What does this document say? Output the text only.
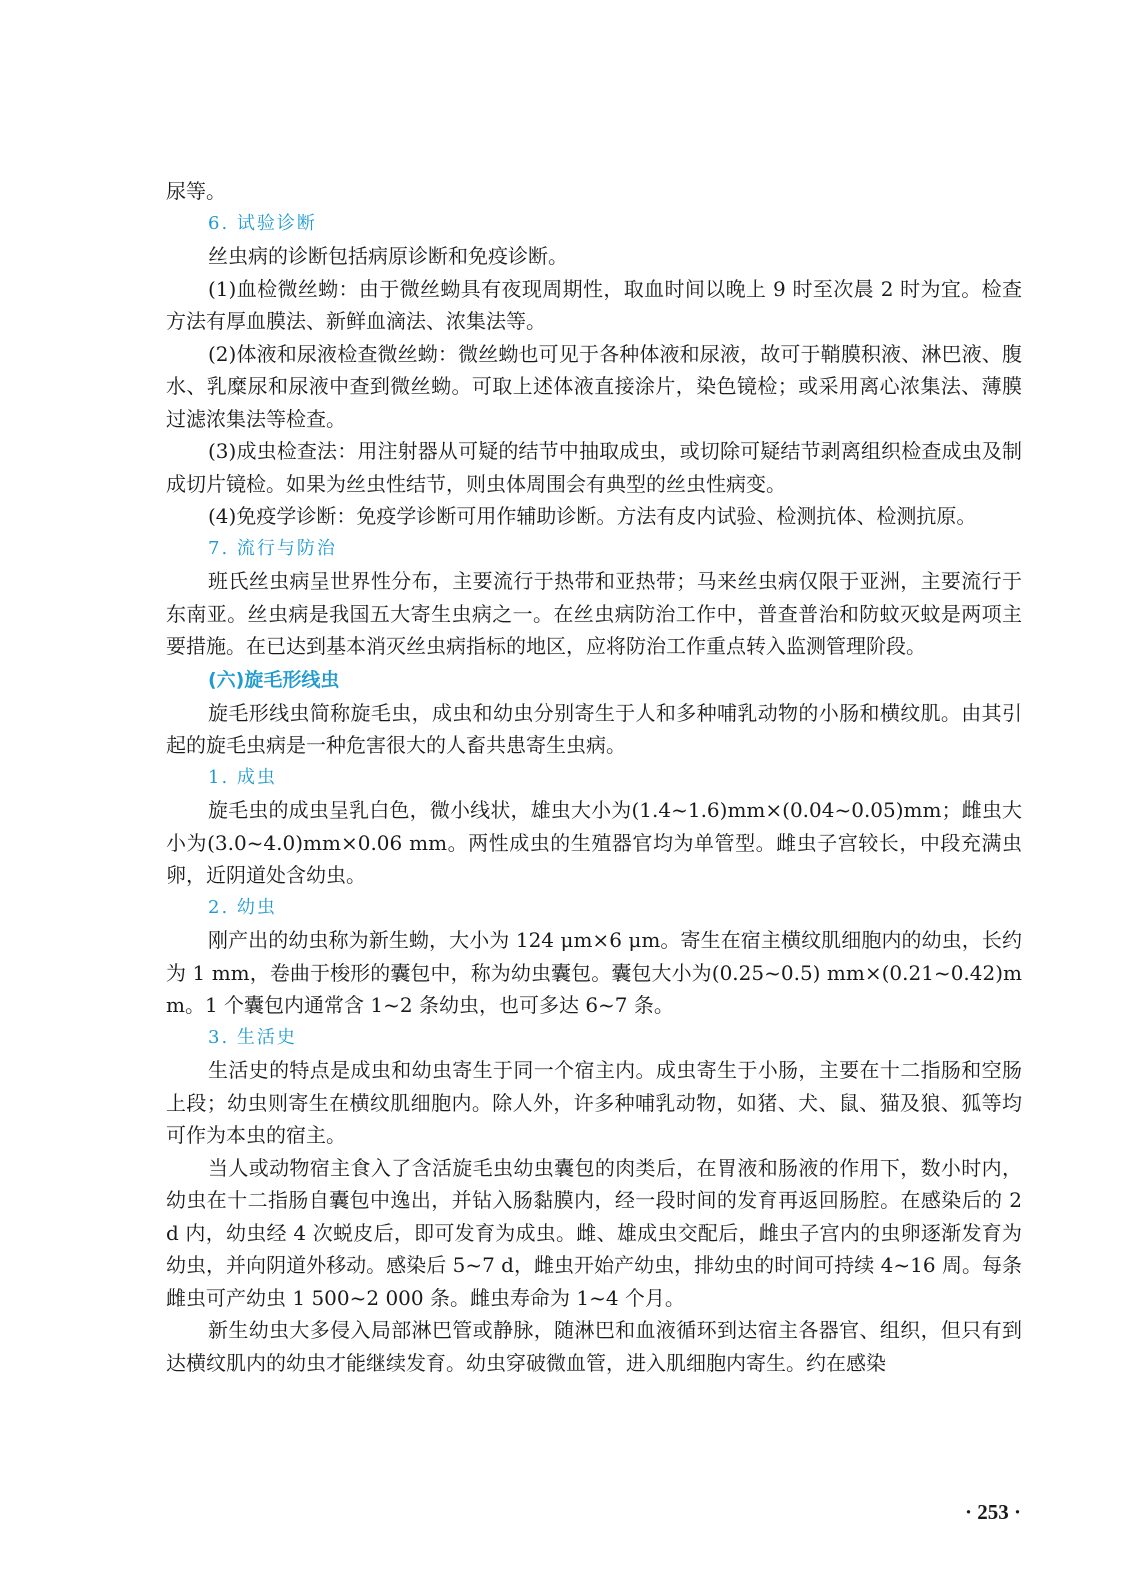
尿等。

6. 试验诊断

丝虫病的诊断包括病原诊断和免疫诊断。

(1)血检微丝蚴：由于微丝蚴具有夜现周期性，取血时间以晚上 9 时至次晨 2 时为宜。检查方法有厚血膜法、新鲜血滴法、浓集法等。

(2)体液和尿液检查微丝蚴：微丝蚴也可见于各种体液和尿液，故可于鞘膜积液、淋巴液、腹水、乳糜尿和尿液中查到微丝蚴。可取上述体液直接涂片，染色镜检；或采用离心浓集法、薄膜过滤浓集法等检查。

(3)成虫检查法：用注射器从可疑的结节中抽取成虫，或切除可疑结节剥离组织检查成虫及制成切片镜检。如果为丝虫性结节，则虫体周围会有典型的丝虫性病变。

(4)免疫学诊断：免疫学诊断可用作辅助诊断。方法有皮内试验、检测抗体、检测抗原。

7. 流行与防治

班氏丝虫病呈世界性分布，主要流行于热带和亚热带；马来丝虫病仅限于亚洲，主要流行于东南亚。丝虫病是我国五大寄生虫病之一。在丝虫病防治工作中，普查普治和防蚊灭蚊是两项主要措施。在已达到基本消灭丝虫病指标的地区，应将防治工作重点转入监测管理阶段。

(六)旋毛形线虫

旋毛形线虫简称旋毛虫，成虫和幼虫分别寄生于人和多种哺乳动物的小肠和横纹肌。由其引起的旋毛虫病是一种危害很大的人畜共患寄生虫病。

1. 成虫

旋毛虫的成虫呈乳白色，微小线状，雄虫大小为(1.4~1.6)mm×(0.04~0.05)mm；雌虫大小为(3.0~4.0)mm×0.06 mm。两性成虫的生殖器官均为单管型。雌虫子宫较长，中段充满虫卵，近阴道处含幼虫。

2. 幼虫

刚产出的幼虫称为新生蚴，大小为 124 μm×6 μm。寄生在宿主横纹肌细胞内的幼虫，长约为 1 mm，卷曲于梭形的囊包中，称为幼虫囊包。囊包大小为(0.25~0.5) mm×(0.21~0.42)mm。1 个囊包内通常含 1~2 条幼虫，也可多达 6~7 条。

3. 生活史

生活史的特点是成虫和幼虫寄生于同一个宿主内。成虫寄生于小肠，主要在十二指肠和空肠上段；幼虫则寄生在横纹肌细胞内。除人外，许多种哺乳动物，如猪、犬、鼠、猫及狼、狐等均可作为本虫的宿主。

当人或动物宿主食入了含活旋毛虫幼虫囊包的肉类后，在胃液和肠液的作用下，数小时内，幼虫在十二指肠自囊包中逸出，并钻入肠黏膜内，经一段时间的发育再返回肠腔。在感染后的 2 d 内，幼虫经 4 次蜕皮后，即可发育为成虫。雌、雄成虫交配后，雌虫子宫内的虫卵逐渐发育为幼虫，并向阴道外移动。感染后 5~7 d，雌虫开始产幼虫，排幼虫的时间可持续 4~16 周。每条雌虫可产幼虫 1 500~2 000 条。雌虫寿命为 1~4 个月。

新生幼虫大多侵入局部淋巴管或静脉，随淋巴和血液循环到达宿主各器官、组织，但只有到达横纹肌内的幼虫才能继续发育。幼虫穿破微血管，进入肌细胞内寄生。约在感染

· 253 ·
